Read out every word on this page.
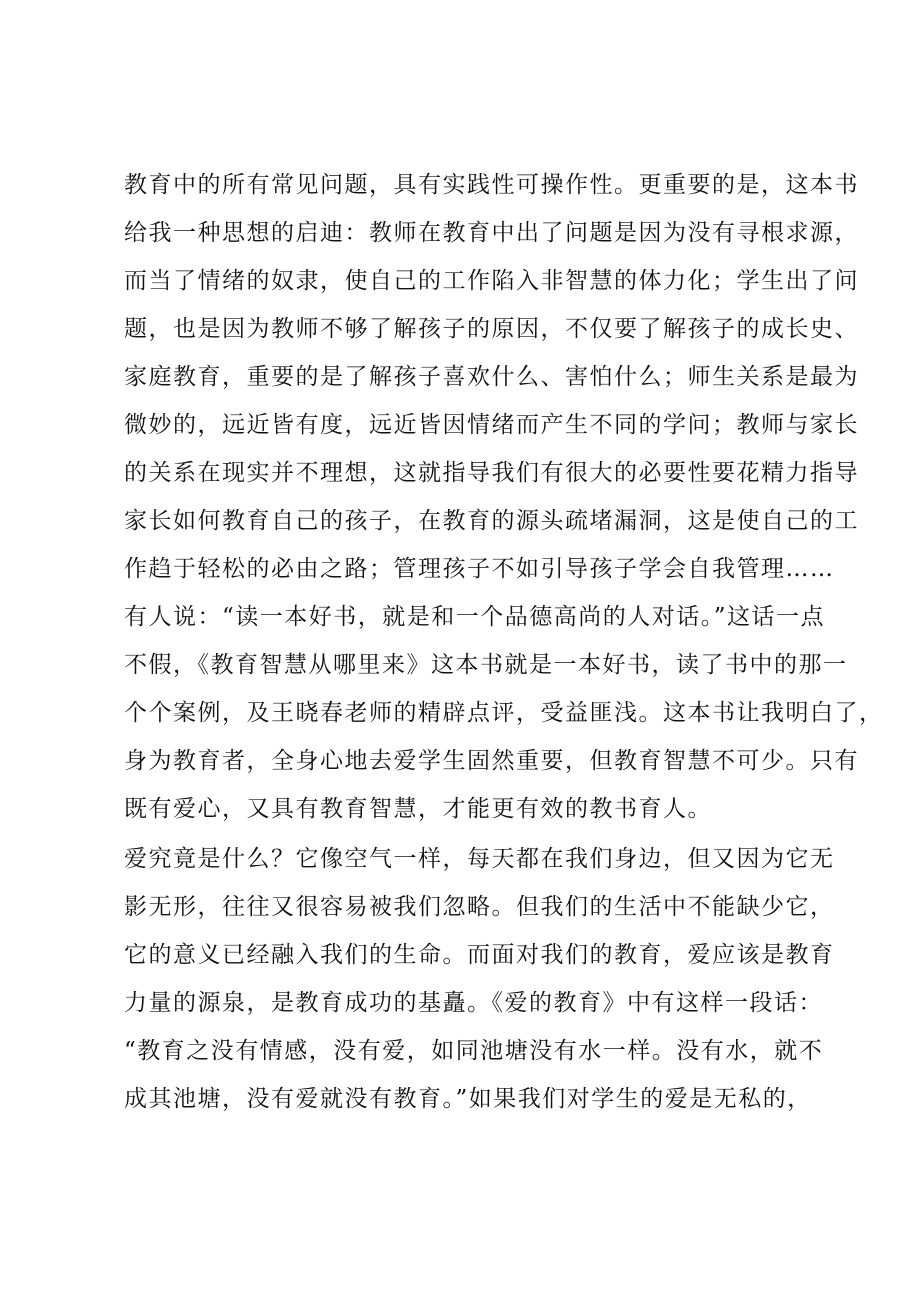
教育中的所有常见问题，具有实践性可操作性。更重要的是，这本书
给我一种思想的启迪：教师在教育中出了问题是因为没有寻根求源，
而当了情绪的奴隶，使自己的工作陷入非智慧的体力化；学生出了问
题，也是因为教师不够了解孩子的原因，不仅要了解孩子的成长史、
家庭教育，重要的是了解孩子喜欢什么、害怕什么；师生关系是最为
微妙的，远近皆有度，远近皆因情绪而产生不同的学问；教师与家长
的关系在现实并不理想，这就指导我们有很大的必要性要花精力指导
家长如何教育自己的孩子，在教育的源头疏堵漏洞，这是使自己的工
作趋于轻松的必由之路；管理孩子不如引导孩子学会自我管理……
有人说：“读一本好书，就是和一个品德高尚的人对话。”这话一点
不假，《教育智慧从哪里来》这本书就是一本好书，读了书中的那一
个个案例，及王晓春老师的精辟点评，受益匪浅。这本书让我明白了，
身为教育者，全身心地去爱学生固然重要，但教育智慧不可少。只有
既有爱心，又具有教育智慧，才能更有效的教书育人。
爱究竟是什么？它像空气一样，每天都在我们身边，但又因为它无
影无形，往往又很容易被我们忽略。但我们的生活中不能缺少它，
它的意义已经融入我们的生命。而面对我们的教育，爱应该是教育
力量的源泉，是教育成功的基矗。《爱的教育》中有这样一段话：
“教育之没有情感，没有爱，如同池塘没有水一样。没有水，就不
成其池塘，没有爱就没有教育。”如果我们对学生的爱是无私的，
